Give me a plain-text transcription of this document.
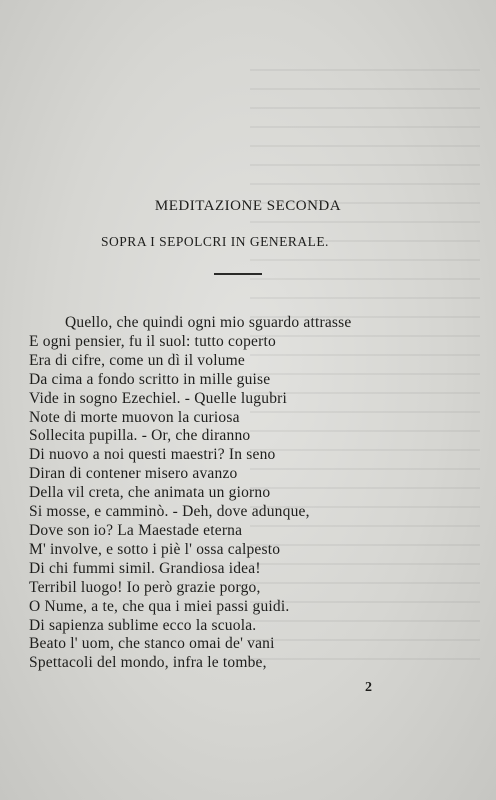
MEDITAZIONE SECONDA
SOPRA I SEPOLCRI IN GENERALE.
Quello, che quindi ogni mio sguardo attrasse
E ogni pensier, fu il suol: tutto coperto
Era di cifre, come un dì il volume
Da cima a fondo scritto in mille guise
Vide in sogno Ezechiel. - Quelle lugubri
Note di morte muovon la curiosa
Sollecita pupilla. - Or, che diranno
Di nuovo a noi questi maestri? In seno
Diran di contener misero avanzo
Della vil creta, che animata un giorno
Si mosse, e camminò. - Deh, dove adunque,
Dove son io? La Maestade eterna
M' involve, e sotto i piè l' ossa calpesto
Di chi fummi simil. Grandiosa idea!
Terribil luogo! Io però grazie porgo,
O Nume, a te, che qua i miei passi guidi.
Di sapienza sublime ecco la scuola.
Beato l' uom, che stanco omai de' vani
Spettacoli del mondo, infra le tombe,
2
